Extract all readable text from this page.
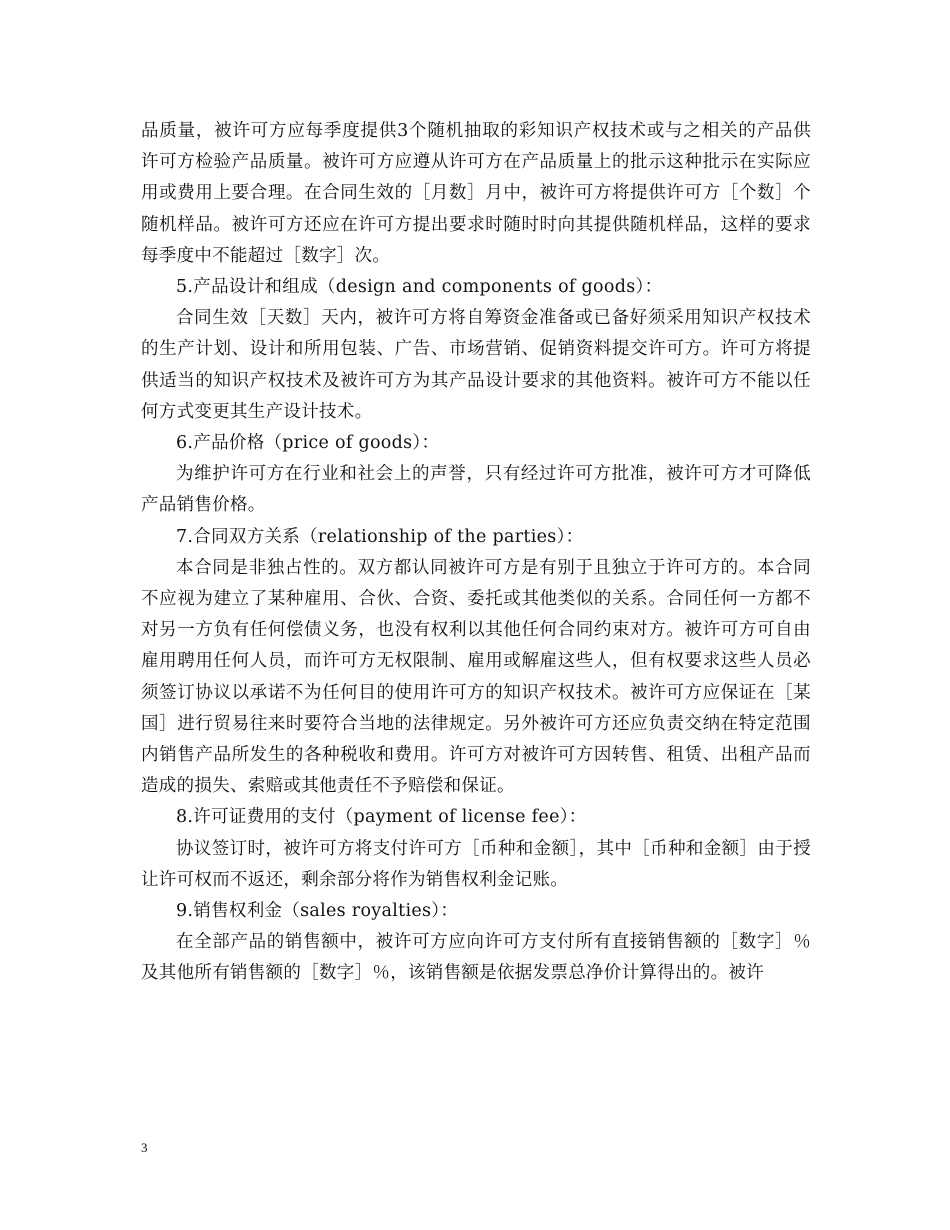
品质量，被许可方应每季度提供3个随机抽取的彩知识产权技术或与之相关的产品供许可方检验产品质量。被许可方应遵从许可方在产品质量上的批示这种批示在实际应用或费用上要合理。在合同生效的［月数］月中，被许可方将提供许可方［个数］个随机样品。被许可方还应在许可方提出要求时随时时向其提供随机样品，这样的要求每季度中不能超过［数字］次。

5.产品设计和组成（design and components of goods）：

合同生效［天数］天内，被许可方将自筹资金准备或已备好须采用知识产权技术的生产计划、设计和所用包装、广告、市场营销、促销资料提交许可方。许可方将提供适当的知识产权技术及被许可方为其产品设计要求的其他资料。被许可方不能以任何方式变更其生产设计技术。

6.产品价格（price of goods）：

为维护许可方在行业和社会上的声誉，只有经过许可方批准，被许可方才可降低产品销售价格。

7.合同双方关系（relationship of the parties）：

本合同是非独占性的。双方都认同被许可方是有别于且独立于许可方的。本合同不应视为建立了某种雇用、合伙、合资、委托或其他类似的关系。合同任何一方都不对另一方负有任何偿债义务，也没有权利以其他任何合同约束对方。被许可方可自由雇用聘用任何人员，而许可方无权限制、雇用或解雇这些人，但有权要求这些人员必须签订协议以承诺不为任何目的使用许可方的知识产权技术。被许可方应保证在［某国］进行贸易往来时要符合当地的法律规定。另外被许可方还应负责交纳在特定范围内销售产品所发生的各种税收和费用。许可方对被许可方因转售、租赁、出租产品而造成的损失、索赔或其他责任不予赔偿和保证。

8.许可证费用的支付（payment of license fee）：

协议签订时，被许可方将支付许可方［币种和金额］，其中［币种和金额］由于授让许可权而不返还，剩余部分将作为销售权利金记账。

9.销售权利金（sales royalties）：

在全部产品的销售额中，被许可方应向许可方支付所有直接销售额的［数字］％及其他所有销售额的［数字］％，该销售额是依据发票总净价计算得出的。被许

3
